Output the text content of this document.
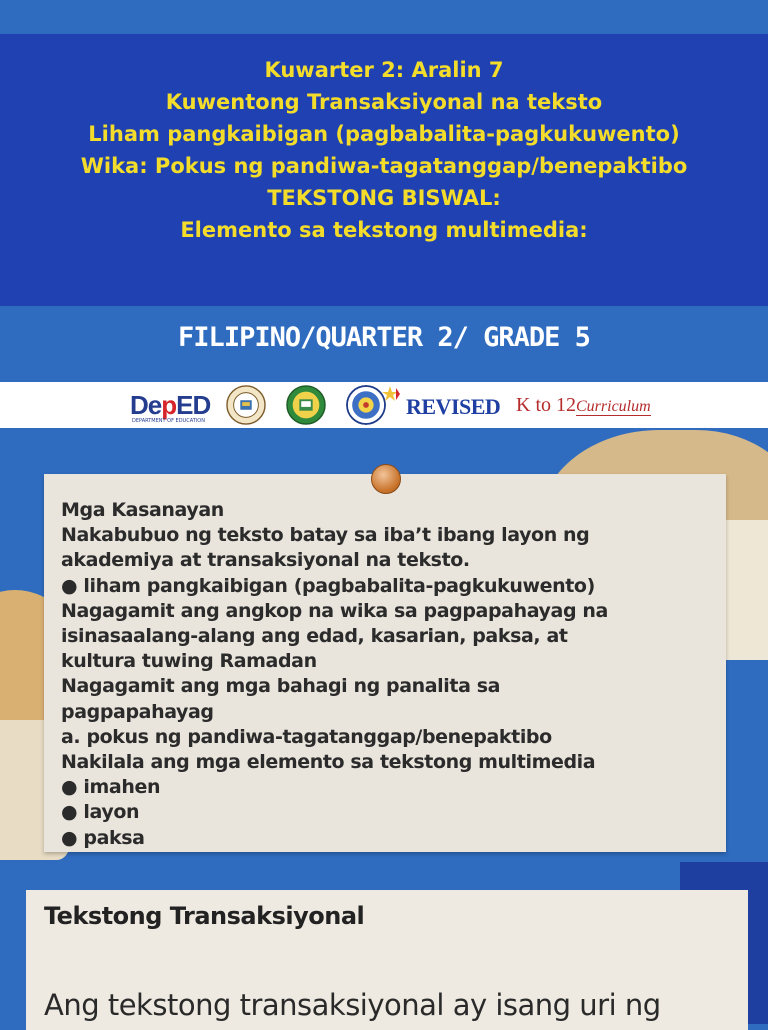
Kuwarter 2: Aralin 7
Kuwentong Transaksiyonal na teksto
Liham pangkaibigan (pagbabalita-pagkukuwento)
Wika: Pokus ng pandiwa-tagatanggap/benepaktibo
TEKSTONG BISWAL:
Elemento sa tekstong multimedia:
FILIPINO/QUARTER 2/ GRADE 5
DepED
DEPARTMENT OF EDUCATION
REVISED K to 12Curriculum
Mga Kasanayan
Nakabubuo ng teksto batay sa iba’t ibang layon ng
akademiya at transaksiyonal na teksto.
● liham pangkaibigan (pagbabalita-pagkukuwento)
Nagagamit ang angkop na wika sa pagpapahayag na
isinasaalang-alang ang edad, kasarian, paksa, at
kultura tuwing Ramadan
Nagagamit ang mga bahagi ng panalita sa
pagpapahayag
a. pokus ng pandiwa-tagatanggap/benepaktibo
Nakilala ang mga elemento sa tekstong multimedia
● imahen
● layon
● paksa
Tekstong Transaksiyonal
Ang tekstong transaksiyonal ay isang uri ng
